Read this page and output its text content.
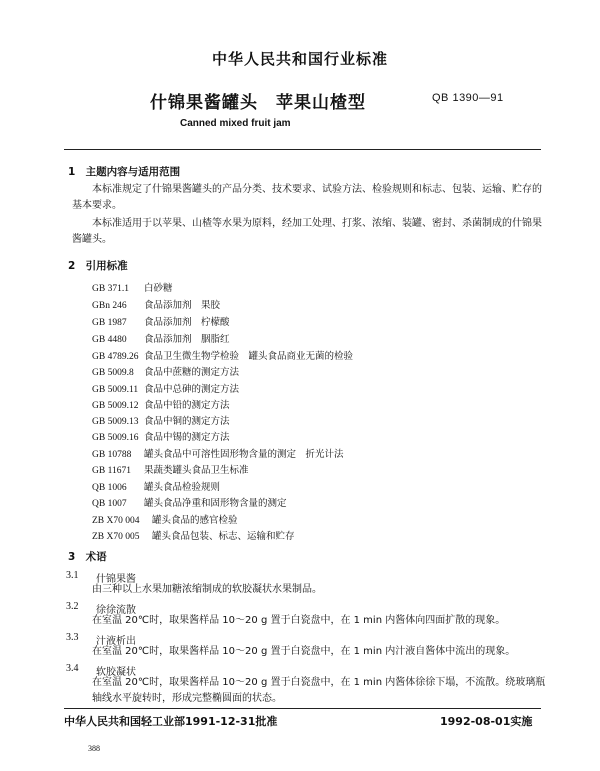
中华人民共和国行业标准
什锦果酱罐头　苹果山楂型	QB 1390—91
Canned mixed fruit jam
1 主题内容与适用范围
本标准规定了什锦果酱罐头的产品分类、技术要求、试验方法、检验规则和标志、包装、运输、贮存的基本要求。
本标准适用于以苹果、山楂等水果为原料，经加工处理、打浆、浓缩、装罐、密封、杀菌制成的什锦果酱罐头。
2 引用标准
GB 371.1 白砂糖
GBn 246 食品添加剂　果胶
GB 1987 食品添加剂　柠檬酸
GB 4480 食品添加剂　胭脂红
GB 4789.26 食品卫生微生物学检验　罐头食品商业无菌的检验
GB 5009.8 食品中蔗糖的测定方法
GB 5009.11 食品中总砷的测定方法
GB 5009.12 食品中铅的测定方法
GB 5009.13 食品中铜的测定方法
GB 5009.16 食品中锡的测定方法
GB 10788 罐头食品中可溶性固形物含量的测定　折光计法
GB 11671 果蔬类罐头食品卫生标准
QB 1006 罐头食品检验规则
QB 1007 罐头食品净重和固形物含量的测定
ZB X70 004 罐头食品的感官检验
ZB X70 005 罐头食品包装、标志、运输和贮存
3 术语
3.1 什锦果酱
由三种以上水果加糖浓缩制成的软胶凝状水果制品。
3.2 徐徐流散
在室温 20℃时，取果酱样品 10～20 g 置于白瓷盘中，在 1 min 内酱体向四面扩散的现象。
3.3 汁液析出
在室温 20℃时，取果酱样品 10～20 g 置于白瓷盘中，在 1 min 内汁液自酱体中流出的现象。
3.4 软胶凝状
在室温 20℃时，取果酱样品 10～20 g 置于白瓷盘中，在 1 min 内酱体徐徐下塌，不流散。绕玻璃瓶轴线水平旋转时，形成完整椭圆面的状态。
中华人民共和国轻工业部1991-12-31批准	1992-08-01实施
388
